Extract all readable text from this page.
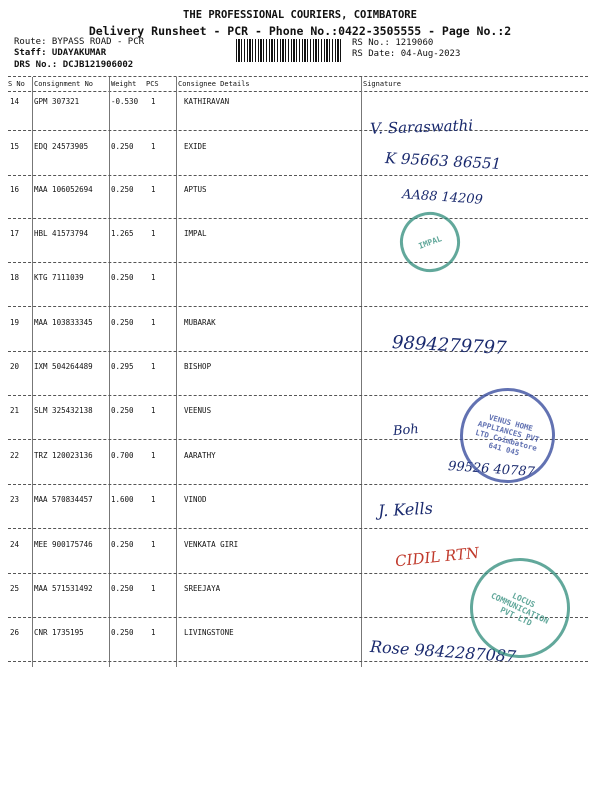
THE PROFESSIONAL COURIERS, COIMBATORE
Delivery Runsheet - PCR - Phone No.:0422-3505555 - Page No.:2
Route: BYPASS ROAD - PCR
Staff: UDAYAKUMAR
DRS No.: DCJB121906002
RS No.: 1219060
RS Date: 04-Aug-2023
S No Consignment No	Weight PCS	Consignee Details	Signature
14 GPM 307321	-0.530 1	KATHIRAVAN
15 EDQ 24573905	0.250 1	EXIDE
16 MAA 106052694 0.250 1	APTUS
17 HBL 41573794	1.265 1	IMPAL
18 KTG 7111039	0.250 1
19 MAA 103833345 0.250 1	MUBARAK
20 IXM 504264489 0.295 1	BISHOP
21 SLM 325432138 0.250 1	VEENUS
22 TRZ 120023136 0.700 1	AARATHY
23 MAA 570834457 1.600 1	VINOD
24 MEE 900175746 0.250 1	VENKATA GIRI
25 MAA 571531492 0.250 1	SREEJAYA
26 CNR 1735195	0.250 1	LIVINGSTONE
V. Saraswathi
K 95663 86551
AA88 14209
9894279797
Boh
99526 40787
J. Kells
CIDIL RTN
Rose 9842287087
IMPAL
VENUS HOME APPLIANCES PVT LTD Coimbatore 641 045
LOCUS COMMUNICATION PVT LTD
